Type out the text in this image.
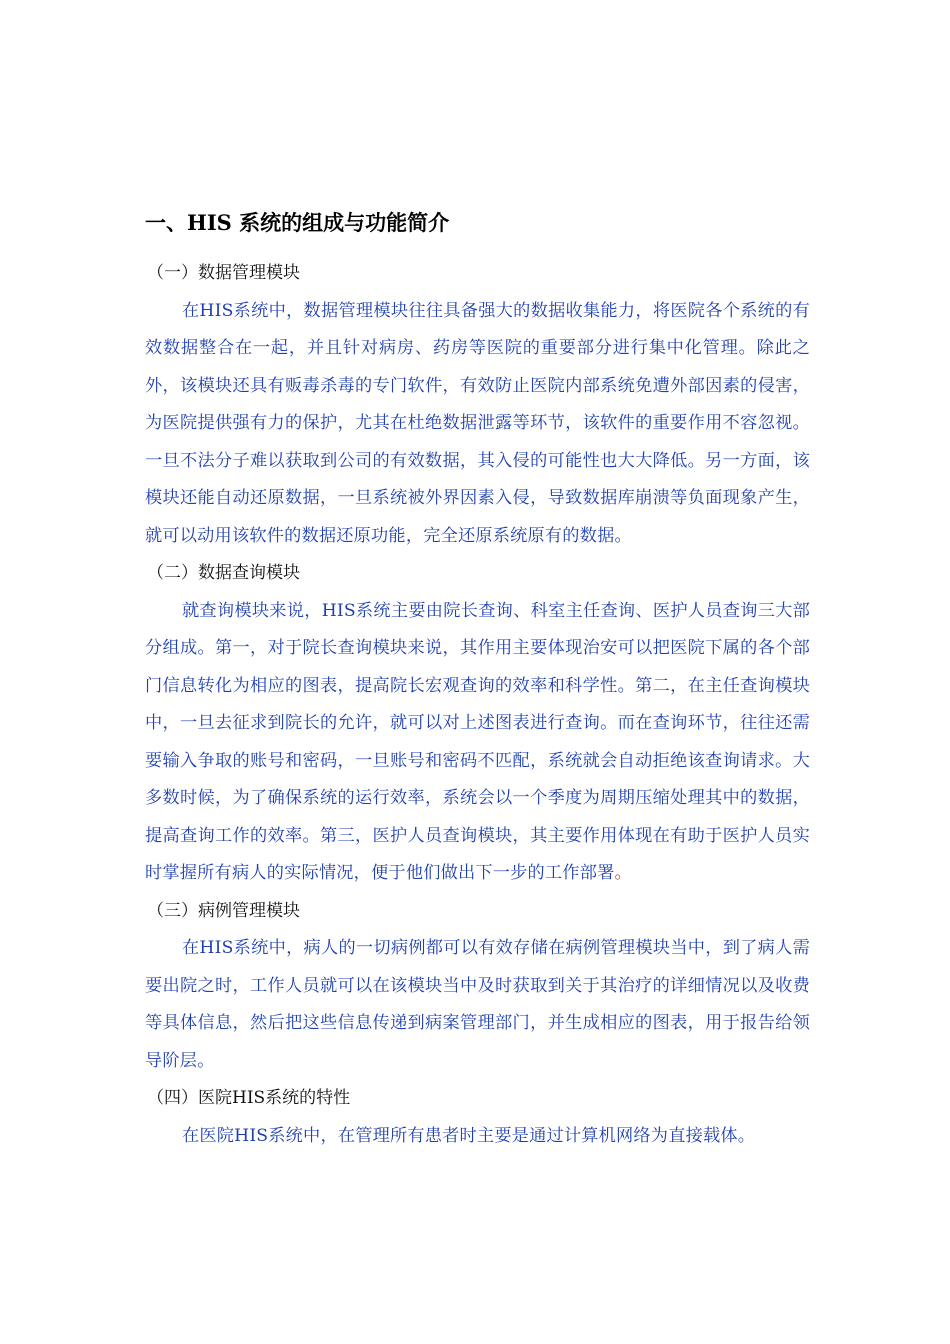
一、HIS 系统的组成与功能简介
（一）数据管理模块

在HIS系统中，数据管理模块往往具备强大的数据收集能力，将医院各个系统的有效数据整合在一起，并且针对病房、药房等医院的重要部分进行集中化管理。除此之外，该模块还具有贩毒杀毒的专门软件，有效防止医院内部系统免遭外部因素的侵害，为医院提供强有力的保护，尤其在杜绝数据泄露等环节，该软件的重要作用不容忽视。一旦不法分子难以获取到公司的有效数据，其入侵的可能性也大大降低。另一方面，该模块还能自动还原数据，一旦系统被外界因素入侵，导致数据库崩溃等负面现象产生，就可以动用该软件的数据还原功能，完全还原系统原有的数据。

（二）数据查询模块

就查询模块来说，HIS系统主要由院长查询、科室主任查询、医护人员查询三大部分组成。第一，对于院长查询模块来说，其作用主要体现治安可以把医院下属的各个部门信息转化为相应的图表，提高院长宏观查询的效率和科学性。第二，在主任查询模块中，一旦去征求到院长的允许，就可以对上述图表进行查询。而在查询环节，往往还需要输入争取的账号和密码，一旦账号和密码不匹配，系统就会自动拒绝该查询请求。大多数时候，为了确保系统的运行效率，系统会以一个季度为周期压缩处理其中的数据，提高查询工作的效率。第三，医护人员查询模块，其主要作用体现在有助于医护人员实时掌握所有病人的实际情况，便于他们做出下一步的工作部署。

（三）病例管理模块

在HIS系统中，病人的一切病例都可以有效存储在病例管理模块当中，到了病人需要出院之时，工作人员就可以在该模块当中及时获取到关于其治疗的详细情况以及收费等具体信息，然后把这些信息传递到病案管理部门，并生成相应的图表，用于报告给领导阶层。

（四）医院HIS系统的特性

在医院HIS系统中，在管理所有患者时主要是通过计算机网络为直接载体。
